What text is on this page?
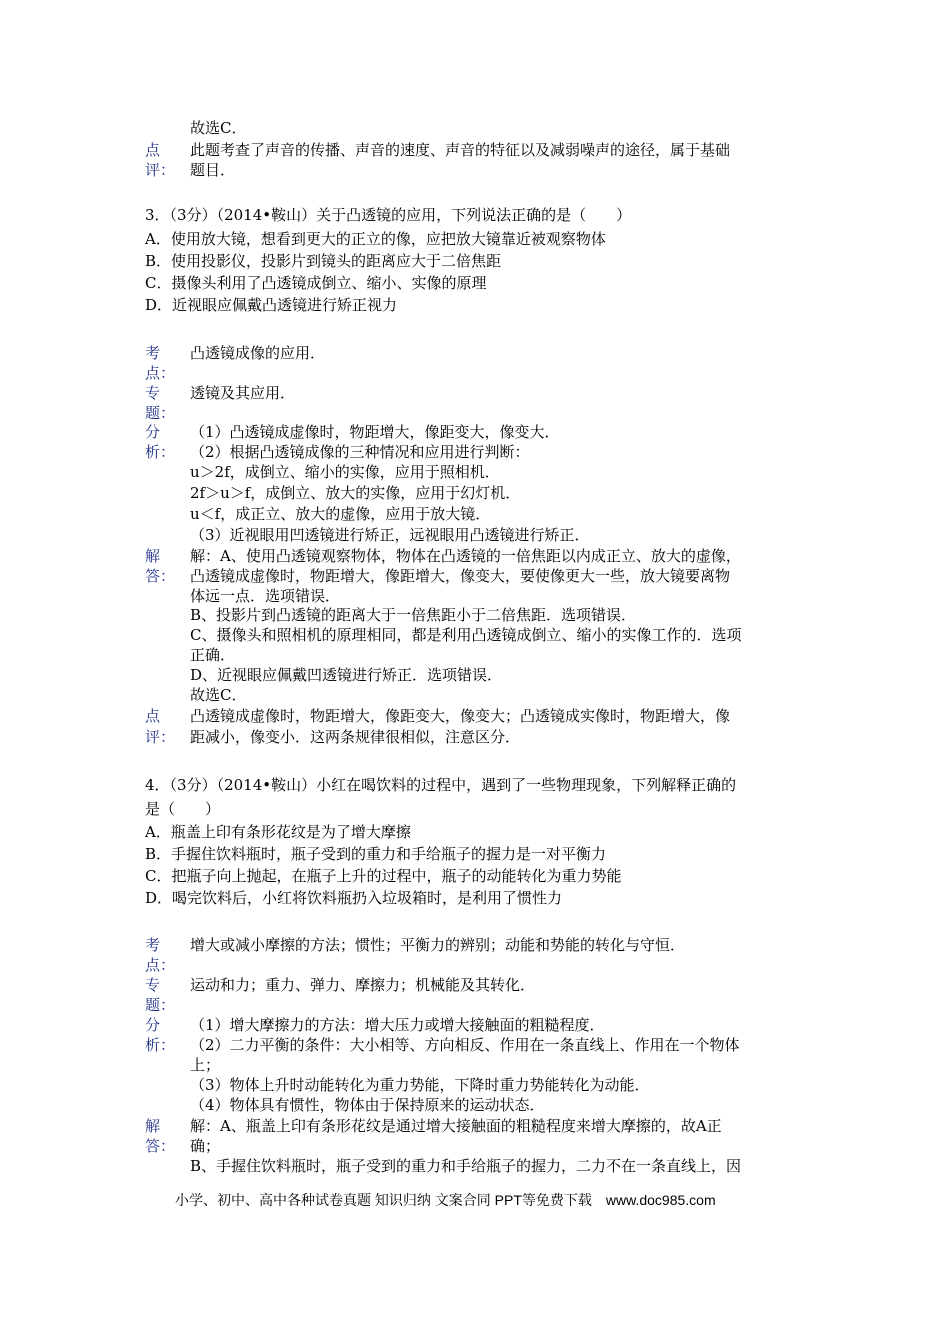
故选C．
点
评：
此题考查了声音的传播、声音的速度、声音的特征以及减弱噪声的途径，属于基础
题目．
3．（3分）（2014•鞍山）关于凸透镜的应用，下列说法正确的是（　　）
A．使用放大镜，想看到更大的正立的像，应把放大镜靠近被观察物体
B．使用投影仪，投影片到镜头的距离应大于二倍焦距
C．摄像头利用了凸透镜成倒立、缩小、实像的原理
D．近视眼应佩戴凸透镜进行矫正视力
考
点：
凸透镜成像的应用．
专
题：
透镜及其应用．
分
析：
（1）凸透镜成虚像时，物距增大，像距变大，像变大．
（2）根据凸透镜成像的三种情况和应用进行判断：
u＞2f，成倒立、缩小的实像，应用于照相机．
2f＞u＞f，成倒立、放大的实像，应用于幻灯机．
u＜f，成正立、放大的虚像，应用于放大镜．
（3）近视眼用凹透镜进行矫正，远视眼用凸透镜进行矫正．
解
答：
解：A、使用凸透镜观察物体，物体在凸透镜的一倍焦距以内成正立、放大的虚像，
凸透镜成虚像时，物距增大，像距增大，像变大，要使像更大一些，放大镜要离物
体远一点．选项错误．
B、投影片到凸透镜的距离大于一倍焦距小于二倍焦距．选项错误．
C、摄像头和照相机的原理相同，都是利用凸透镜成倒立、缩小的实像工作的．选项
正确．
D、近视眼应佩戴凹透镜进行矫正．选项错误．
故选C．
点
评：
凸透镜成虚像时，物距增大，像距变大，像变大；凸透镜成实像时，物距增大，像
距减小，像变小．这两条规律很相似，注意区分．
4．（3分）（2014•鞍山）小红在喝饮料的过程中，遇到了一些物理现象，下列解释正确的
是（　　）
A．瓶盖上印有条形花纹是为了增大摩擦
B．手握住饮料瓶时，瓶子受到的重力和手给瓶子的握力是一对平衡力
C．把瓶子向上抛起，在瓶子上升的过程中，瓶子的动能转化为重力势能
D．喝完饮料后，小红将饮料瓶扔入垃圾箱时，是利用了惯性力
考
点：
增大或减小摩擦的方法；惯性；平衡力的辨别；动能和势能的转化与守恒．
专
题：
运动和力；重力、弹力、摩擦力；机械能及其转化．
分
析：
（1）增大摩擦力的方法：增大压力或增大接触面的粗糙程度．
（2）二力平衡的条件：大小相等、方向相反、作用在一条直线上、作用在一个物体
上；
（3）物体上升时动能转化为重力势能，下降时重力势能转化为动能．
（4）物体具有惯性，物体由于保持原来的运动状态．
解
答：
解：A、瓶盖上印有条形花纹是通过增大接触面的粗糙程度来增大摩擦的，故A正
确；
B、手握住饮料瓶时，瓶子受到的重力和手给瓶子的握力，二力不在一条直线上，因
小学、初中、高中各种试卷真题 知识归纳 文案合同 PPT等免费下载　www.doc985.com
